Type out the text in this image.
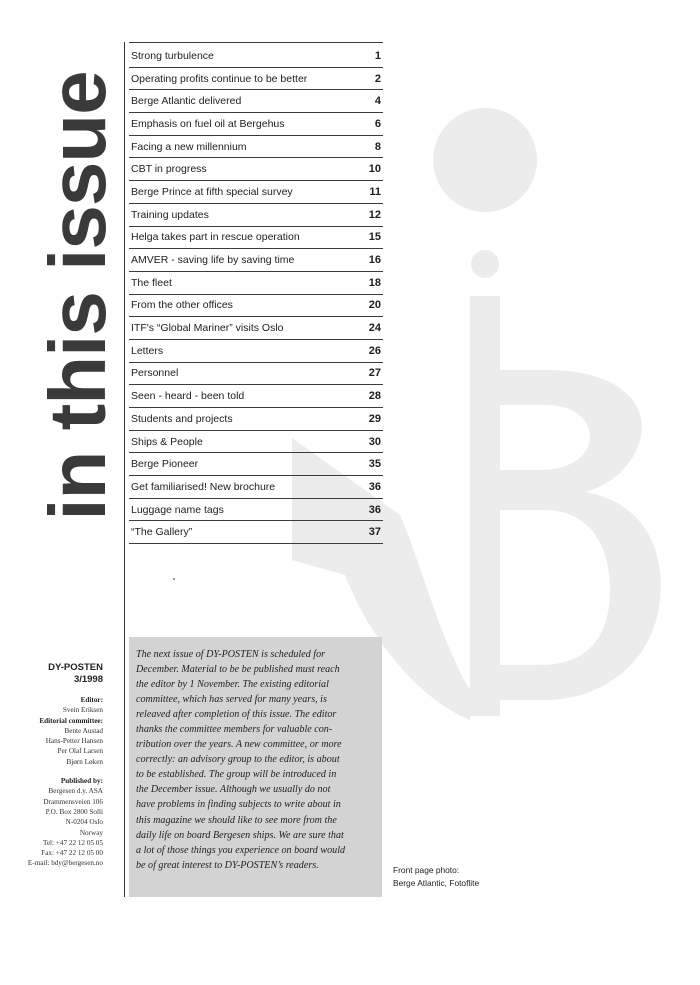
in this issue
Strong turbulence	1
Operating profits continue to be better	2
Berge Atlantic delivered	4
Emphasis on fuel oil at Bergehus	6
Facing a new millennium	8
CBT in progress	10
Berge Prince at fifth special survey	11
Training updates	12
Helga takes part in rescue operation	15
AMVER - saving life by saving time	16
The fleet	18
From the other offices	20
ITF's “Global Mariner” visits Oslo	24
Letters	26
Personnel	27
Seen - heard - been told	28
Students and projects	29
Ships & People	30
Berge Pioneer	35
Get familiarised! New brochure	36
Luggage name tags	36
“The Gallery”	37
DY-POSTEN
3/1998
Editor:
Svein Eriksen
Editorial committee:
Bente Austad
Hans-Petter Hansen
Per Olaf Larsen
Bjørn Løken
Published by:
Bergesen d.y. ASA
Drammensveien 106
P.O. Box 2800 Solli
N-0204 Oslo
Norway
Tel: +47 22 12 05 05
Fax: +47 22 12 05 00
E-mail: bdy@bergesen.no
The next issue of DY-POSTEN is scheduled for
December. Material to be be published must reach
the editor by 1 November. The existing editorial
committee, which has served for many years, is
releaved after completion of this issue. The editor
thanks the committee members for valuable con-
tribution over the years. A new committee, or more
correctly: an advisory group to the editor, is about
to be established. The group will be introduced in
the December issue. Although we usually do not
have problems in finding subjects to write about in
this magazine we should like to see more from the
daily life on board Bergesen ships. We are sure that
a lot of those things you experience on board would
be of great interest to DY-POSTEN’s readers.	Front page photo:
Berge Atlantic, Fotoflite
